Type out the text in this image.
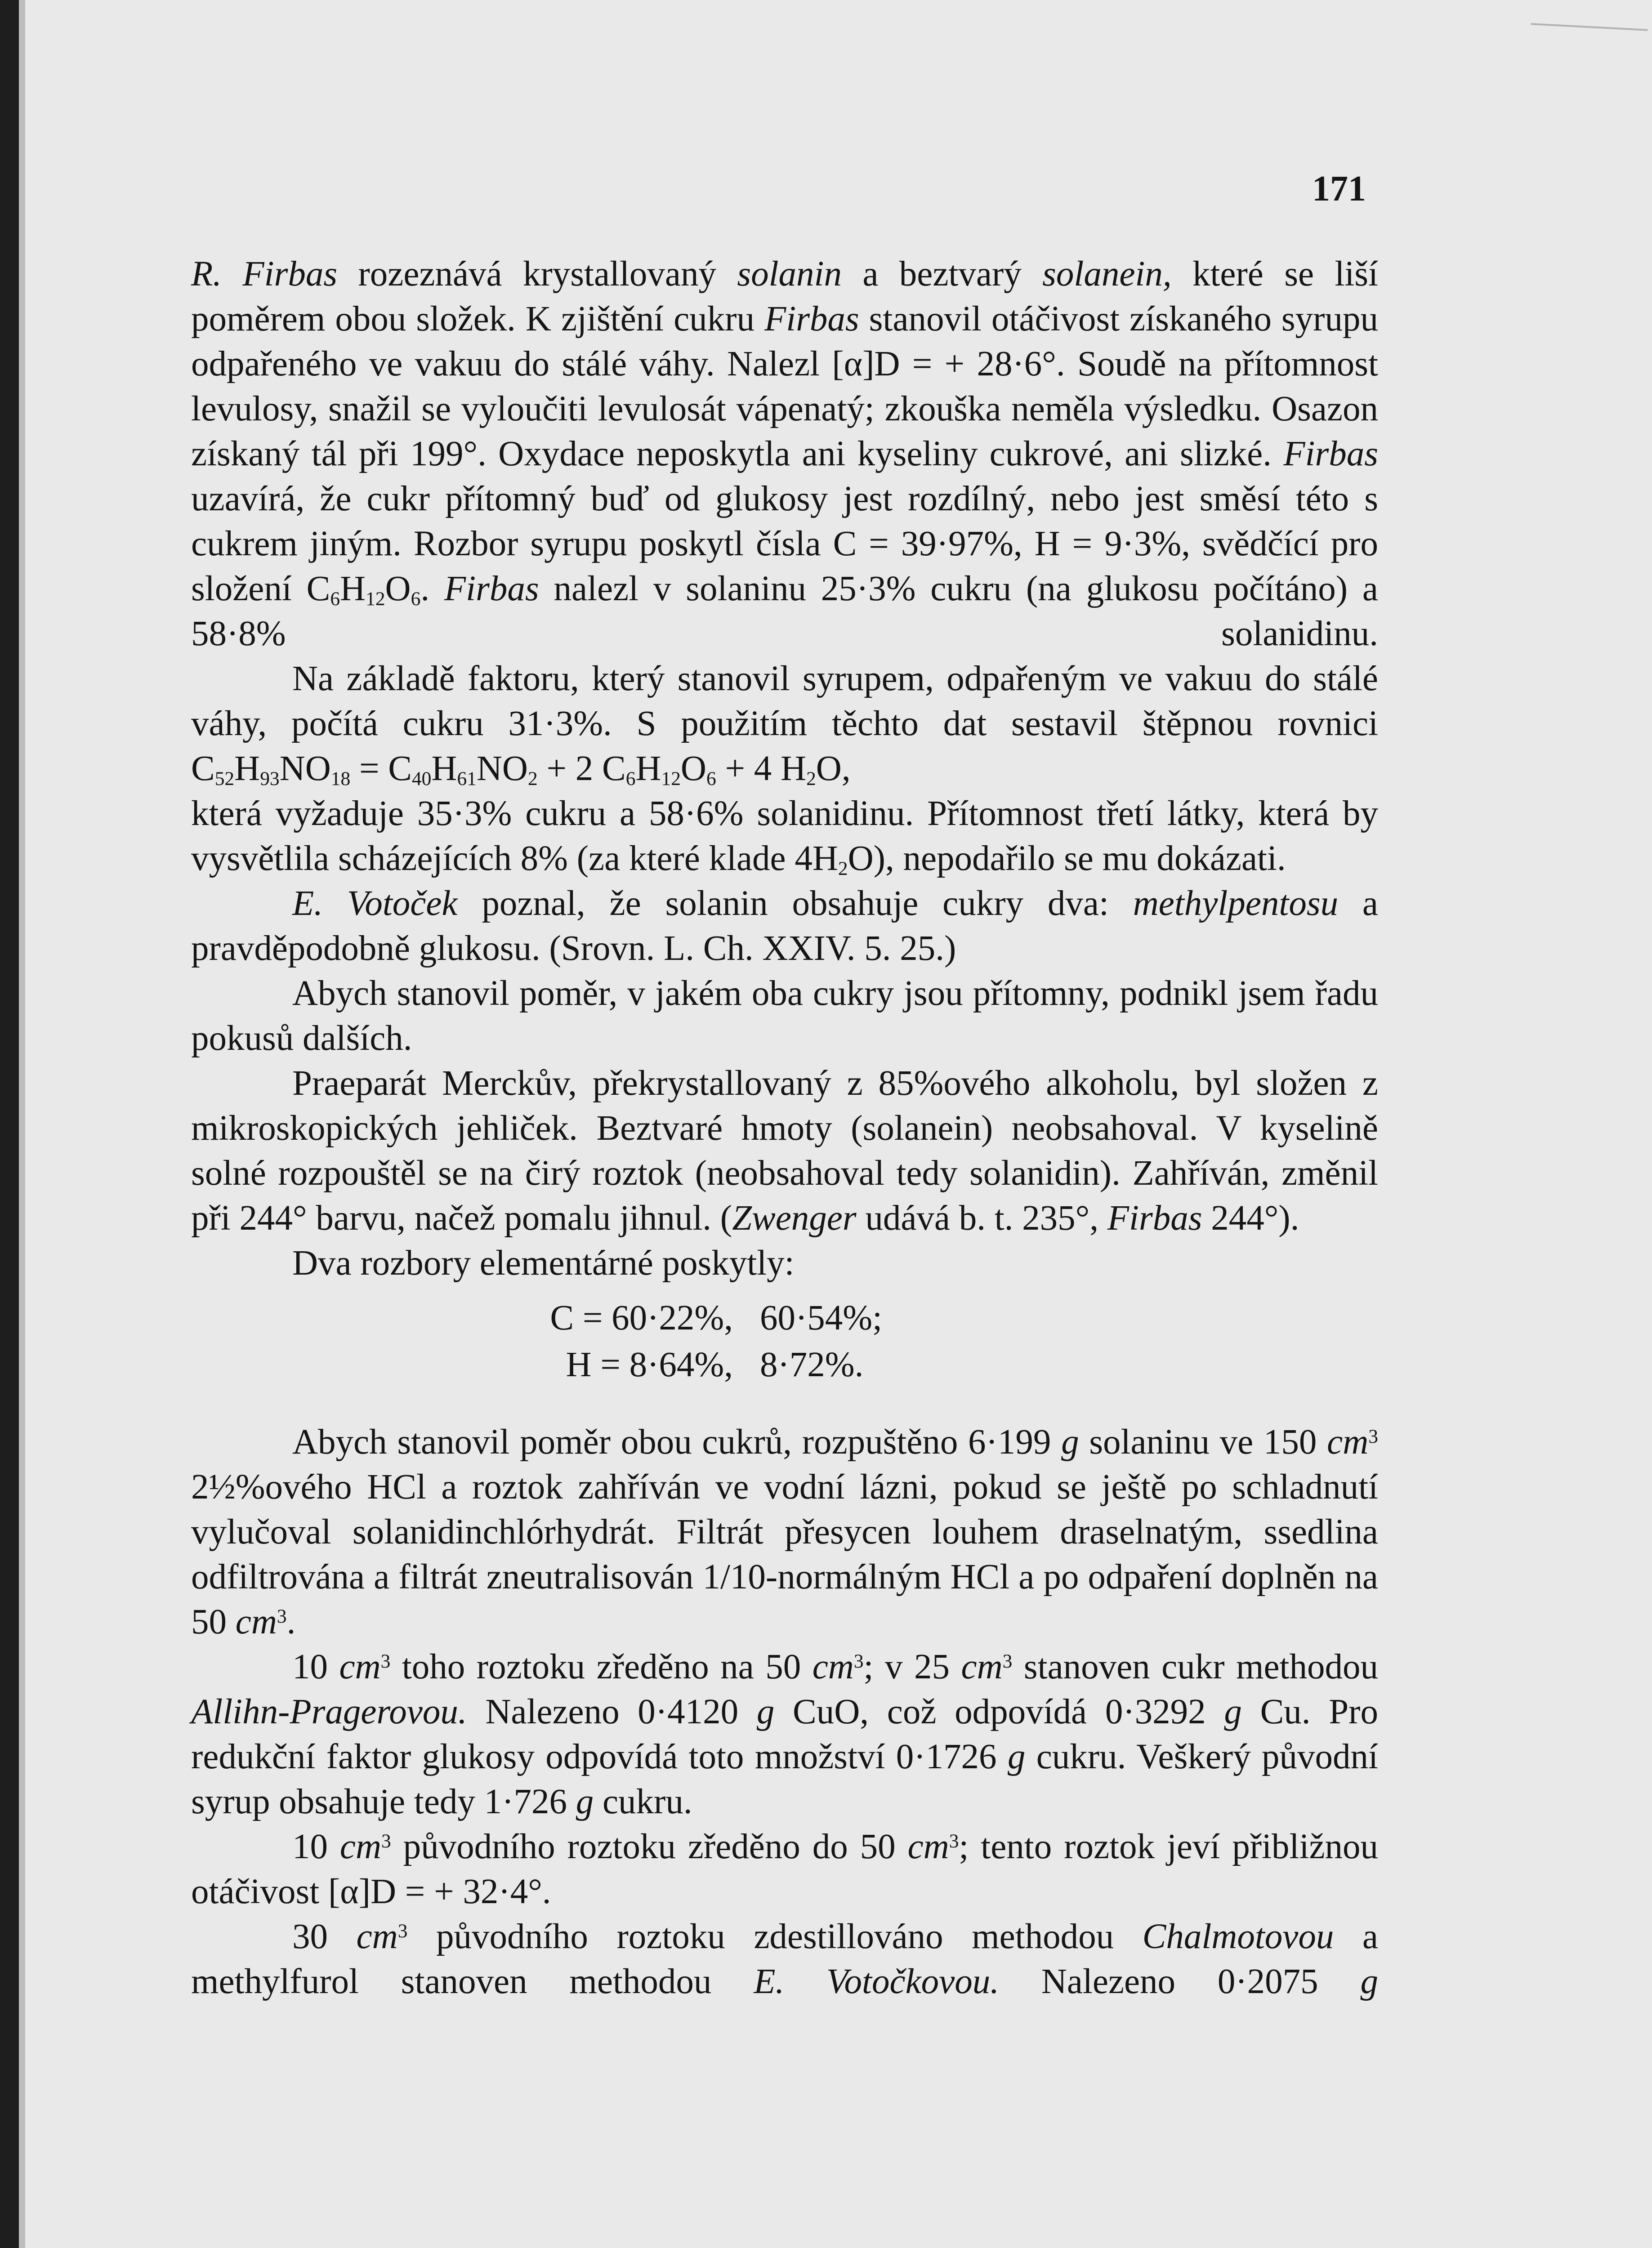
171

R. Firbas rozeznává krystallovaný solanin a beztvarý solanein, které se liší poměrem obou složek. K zjištění cukru Firbas stanovil otáčivost získaného syrupu odpařeného ve vakuu do stálé váhy. Nalezl [α]D = + 28·6°. Soudě na přítomnost levulosy, snažil se vyloučiti levulosát vápenatý; zkouška neměla výsledku. Osazon získaný tál při 199°. Oxydace neposkytla ani kyseliny cukrové, ani slizké. Firbas uzavírá, že cukr přítomný buď od glukosy jest rozdílný, nebo jest směsí této s cukrem jiným. Rozbor syrupu poskytl čísla C = 39·97%, H = 9·3%, svědčící pro složení $C_6H_{12}O_6$. Firbas nalezl v solaninu 25·3% cukru (na glukosu počítáno) a 58·8% solanidinu.

Na základě faktoru, který stanovil syrupem, odpařeným ve vakuu do stálé váhy, počítá cukru 31·3%. S použitím těchto dat sestavil štěpnou rovnici

$C_{52}H_{93}NO_{18} = C_{40}H_{61}NO_2 + 2$ $C_6H_{12}O_6 + 4$ $H_2O$,

která vyžaduje 35·3% cukru a 58·6% solanidinu. Přítomnost třetí látky, která by vysvětlila scházejících 8% (za které klade $4H_2O$), nepodařilo se mu dokázati.

E. Votoček poznal, že solanin obsahuje cukry dva: methylpentosu a pravděpodobně glukosu. (Srovn. L. Ch. XXIV. 5. 25.)

Abych stanovil poměr, v jakém oba cukry jsou přítomny, podnikl jsem řadu pokusů dalších.

Praeparát Merckův, překrystallovaný z 85%ového alkoholu, byl složen z mikroskopických jehliček. Beztvaré hmoty (solanein) neobsahoval. V kyselině solné rozpouštěl se na čirý roztok (neobsahoval tedy solanidin). Zahříván, změnil při 244° barvu, načež pomalu jihnul. (Zwenger udává b. t. 235°, Firbas 244°).

Dva rozbory elementárné poskytly:

C = 60·22%, 60·54%;
H = 8·64%, 8·72%.

Abych stanovil poměr obou cukrů, rozpuštěno 6·199 g solaninu ve 150 $cm^3$ 2½%ového HCl a roztok zahříván ve vodní lázni, pokud se ještě po schladnutí vylučoval solanidinchlórhydrát. Filtrát přesycen louhem draselnatým, ssedlina odfiltrována a filtrát zneutralisován 1/10-normálným HCl a po odpaření doplněn na 50 $cm^3$.

10 $cm^3$ toho roztoku zředěno na 50 $cm^3$; v 25 $cm^3$ stanoven cukr methodou Allihn-Pragerovou. Nalezeno 0·4120 g CuO, což odpovídá 0·3292 g Cu. Pro redukční faktor glukosy odpovídá toto množství 0·1726 g cukru. Veškerý původní syrup obsahuje tedy 1·726 g cukru.

10 $cm^3$ původního roztoku zředěno do 50 $cm^3$; tento roztok jeví přibližnou otáčivost [α]D = + 32·4°.

30 $cm^3$ původního roztoku zdestillováno methodou Chalmotovou a methylfurol stanoven methodou E. Votočkovou. Nalezeno 0·2075 g
